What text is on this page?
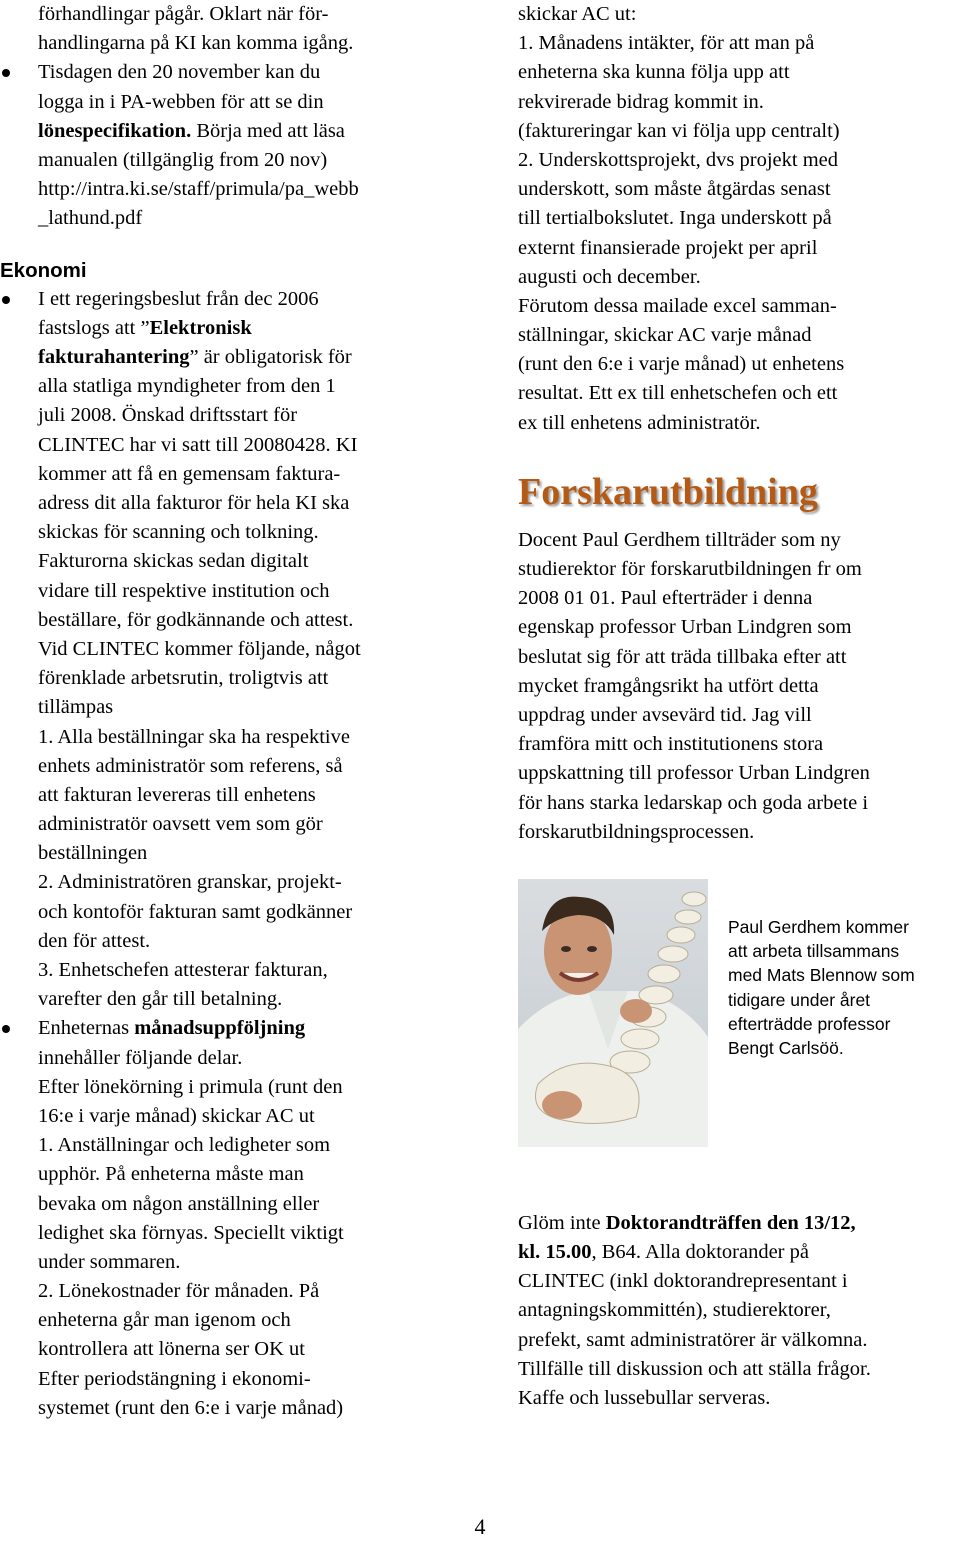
förhandlingar pågår. Oklart när för-
handlingarna på KI kan komma igång.
Tisdagen den 20 november kan du
logga in i PA-webben för att se din
lönespecifikation. Börja med att läsa
manualen (tillgänglig from 20 nov)
http://intra.ki.se/staff/primula/pa_webb
_lathund.pdf
Ekonomi
I ett regeringsbeslut från dec 2006
fastslogs att ”Elektronisk
fakturahantering” är obligatorisk för
alla statliga myndigheter from den 1
juli 2008. Önskad driftsstart för
CLINTEC har vi satt till 20080428. KI
kommer att få en gemensam faktura-
adress dit alla fakturor för hela KI ska
skickas för scanning och tolkning.
Fakturorna skickas sedan digitalt
vidare till respektive institution och
beställare, för godkännande och attest.
Vid CLINTEC kommer följande, något
förenklade arbetsrutin, troligtvis att
tillämpas
1. Alla beställningar ska ha respektive
enhets administratör som referens, så
att fakturan levereras till enhetens
administratör oavsett vem som gör
beställningen
2. Administratören granskar, projekt-
och kontoför fakturan samt godkänner
den för attest.
3. Enhetschefen attesterar fakturan,
varefter den går till betalning.
Enheternas månadsuppföljning
innehåller följande delar.
Efter lönekörning i primula (runt den
16:e i varje månad) skickar AC ut
1. Anställningar och ledigheter som
upphör. På enheterna måste man
bevaka om någon anställning eller
ledighet ska förnyas. Speciellt viktigt
under sommaren.
2. Lönekostnader för månaden. På
enheterna går man igenom och
kontrollera att lönerna ser OK ut
Efter periodstängning i ekonomi-
systemet (runt den 6:e i varje månad)
skickar AC ut:
1. Månadens intäkter, för att man på
enheterna ska kunna följa upp att
rekvirerade bidrag kommit in.
(faktureringar kan vi följa upp centralt)
2. Underskottsprojekt, dvs projekt med
underskott, som måste åtgärdas senast
till tertialbokslutet. Inga underskott på
externt finansierade projekt per april
augusti och december.
Förutom dessa mailade excel samman-
ställningar, skickar AC varje månad
(runt den 6:e i varje månad) ut enhetens
resultat. Ett ex till enhetschefen och ett
ex till enhetens administratör.
Forskarutbildning
Docent Paul Gerdhem tillträder som ny
studierektor för forskarutbildningen fr om
2008 01 01. Paul efterträder i denna
egenskap professor Urban Lindgren som
beslutat sig för att träda tillbaka efter att
mycket framgångsrikt ha utfört detta
uppdrag under avsevärd tid. Jag vill
framföra mitt och institutionens stora
uppskattning till professor Urban Lindgren
för hans starka ledarskap och goda arbete i
forskarutbildningsprocessen.
Paul Gerdhem kommer
att arbeta tillsammans
med Mats Blennow som
tidigare under året
efterträdde professor
Bengt Carlsöö.
Glöm inte Doktorandträffen den 13/12,
kl. 15.00, B64. Alla doktorander på
CLINTEC (inkl doktorandrepresentant i
antagningskommittén), studierektorer,
prefekt, samt administratörer är välkomna.
Tillfälle till diskussion och att ställa frågor.
Kaffe och lussebullar serveras.
4
